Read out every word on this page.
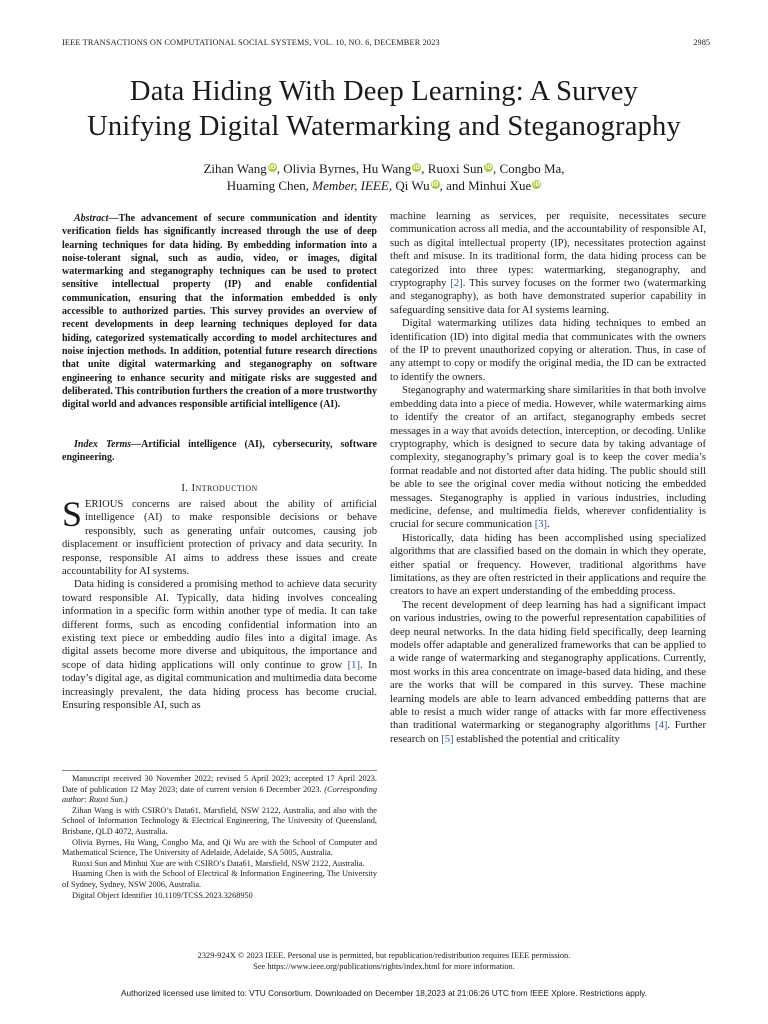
IEEE TRANSACTIONS ON COMPUTATIONAL SOCIAL SYSTEMS, VOL. 10, NO. 6, DECEMBER 2023	2985
Data Hiding With Deep Learning: A Survey
Unifying Digital Watermarking and Steganography
Zihan Wang iD, Olivia Byrnes, Hu Wang iD, Ruoxi Sun iD, Congbo Ma,
Huaming Chen, Member, IEEE, Qi Wu iD, and Minhui Xue iD

Abstract—The advancement of secure communication and identity verification fields has significantly increased through the use of deep learning techniques for data hiding. By embedding information into a noise-tolerant signal, such as audio, video, or images, digital watermarking and steganography techniques can be used to protect sensitive intellectual property (IP) and enable confidential communication, ensuring that the information embedded is only accessible to authorized parties. This survey provides an overview of recent developments in deep learning techniques deployed for data hiding, categorized systematically according to model architectures and noise injection methods. In addition, potential future research directions that unite digital watermarking and steganography on software engineering to enhance security and mitigate risks are suggested and deliberated. This contribution furthers the creation of a more trustworthy digital world and advances responsible artificial intelligence (AI).

Index Terms—Artificial intelligence (AI), cybersecurity, software engineering.

I. Introduction

SERIOUS concerns are raised about the ability of artificial intelligence (AI) to make responsible decisions or behave responsibly, such as generating unfair outcomes, causing job displacement or insufficient protection of privacy and data security. In response, responsible AI aims to address these issues and create accountability for AI systems.

Data hiding is considered a promising method to achieve data security toward responsible AI. Typically, data hiding involves concealing information in a specific form within another type of media. It can take different forms, such as encoding confidential information into an existing text piece or embedding audio files into a digital image. As digital assets become more diverse and ubiquitous, the importance and scope of data hiding applications will only continue to grow [1]. In today’s digital age, as digital communication and multimedia data become increasingly prevalent, the data hiding process has become crucial. Ensuring responsible AI, such as

Manuscript received 30 November 2022; revised 5 April 2023; accepted 17 April 2023. Date of publication 12 May 2023; date of current version 6 December 2023. (Corresponding author: Ruoxi Sun.)

Zihan Wang is with CSIRO’s Data61, Marsfield, NSW 2122, Australia, and also with the School of Information Technology & Electrical Engineering, The University of Queensland, Brisbane, QLD 4072, Australia.

Olivia Byrnes, Hu Wang, Congbo Ma, and Qi Wu are with the School of Computer and Mathematical Science, The University of Adelaide, Adelaide, SA 5005, Australia.

Ruoxi Sun and Minhui Xue are with CSIRO’s Data61, Marsfield, NSW 2122, Australia.

Huaming Chen is with the School of Electrical & Information Engineering, The University of Sydney, Sydney, NSW 2006, Australia.

Digital Object Identifier 10.1109/TCSS.2023.3268950

machine learning as services, per requisite, necessitates secure communication across all media, and the accountability of responsible AI, such as digital intellectual property (IP), necessitates protection against theft and misuse. In its traditional form, the data hiding process can be categorized into three types: watermarking, steganography, and cryptography [2]. This survey focuses on the former two (watermarking and steganography), as both have demonstrated superior capability in safeguarding sensitive data for AI systems learning.

Digital watermarking utilizes data hiding techniques to embed an identification (ID) into digital media that communicates with the owners of the IP to prevent unauthorized copying or alteration. Thus, in case of any attempt to copy or modify the original media, the ID can be extracted to identify the owners.

Steganography and watermarking share similarities in that both involve embedding data into a piece of media. However, while watermarking aims to identify the creator of an artifact, steganography embeds secret messages in a way that avoids detection, interception, or decoding. Unlike cryptography, which is designed to secure data by taking advantage of complexity, steganography’s primary goal is to keep the cover media’s format readable and not distorted after data hiding. The public should still be able to see the original cover media without noticing the embedded messages. Steganography is applied in various industries, including medicine, defense, and multimedia fields, wherever confidentiality is crucial for secure communication [3].

Historically, data hiding has been accomplished using specialized algorithms that are classified based on the domain in which they operate, either spatial or frequency. However, traditional algorithms have limitations, as they are often restricted in their applications and require the creators to have an expert understanding of the embedding process.

The recent development of deep learning has had a significant impact on various industries, owing to the powerful representation capabilities of deep neural networks. In the data hiding field specifically, deep learning models offer adaptable and generalized frameworks that can be applied to a wide range of watermarking and steganography applications. Currently, most works in this area concentrate on image-based data hiding, and these are the works that will be compared in this survey. These machine learning models are able to learn advanced embedding patterns that are able to resist a much wider range of attacks with far more effectiveness than traditional watermarking or steganography algorithms [4]. Further research on [5] established the potential and criticality

2329-924X © 2023 IEEE. Personal use is permitted, but republication/redistribution requires IEEE permission.
See https://www.ieee.org/publications/rights/index.html for more information.
Authorized licensed use limited to: VTU Consortium. Downloaded on December 18,2023 at 21:06:26 UTC from IEEE Xplore. Restrictions apply.
